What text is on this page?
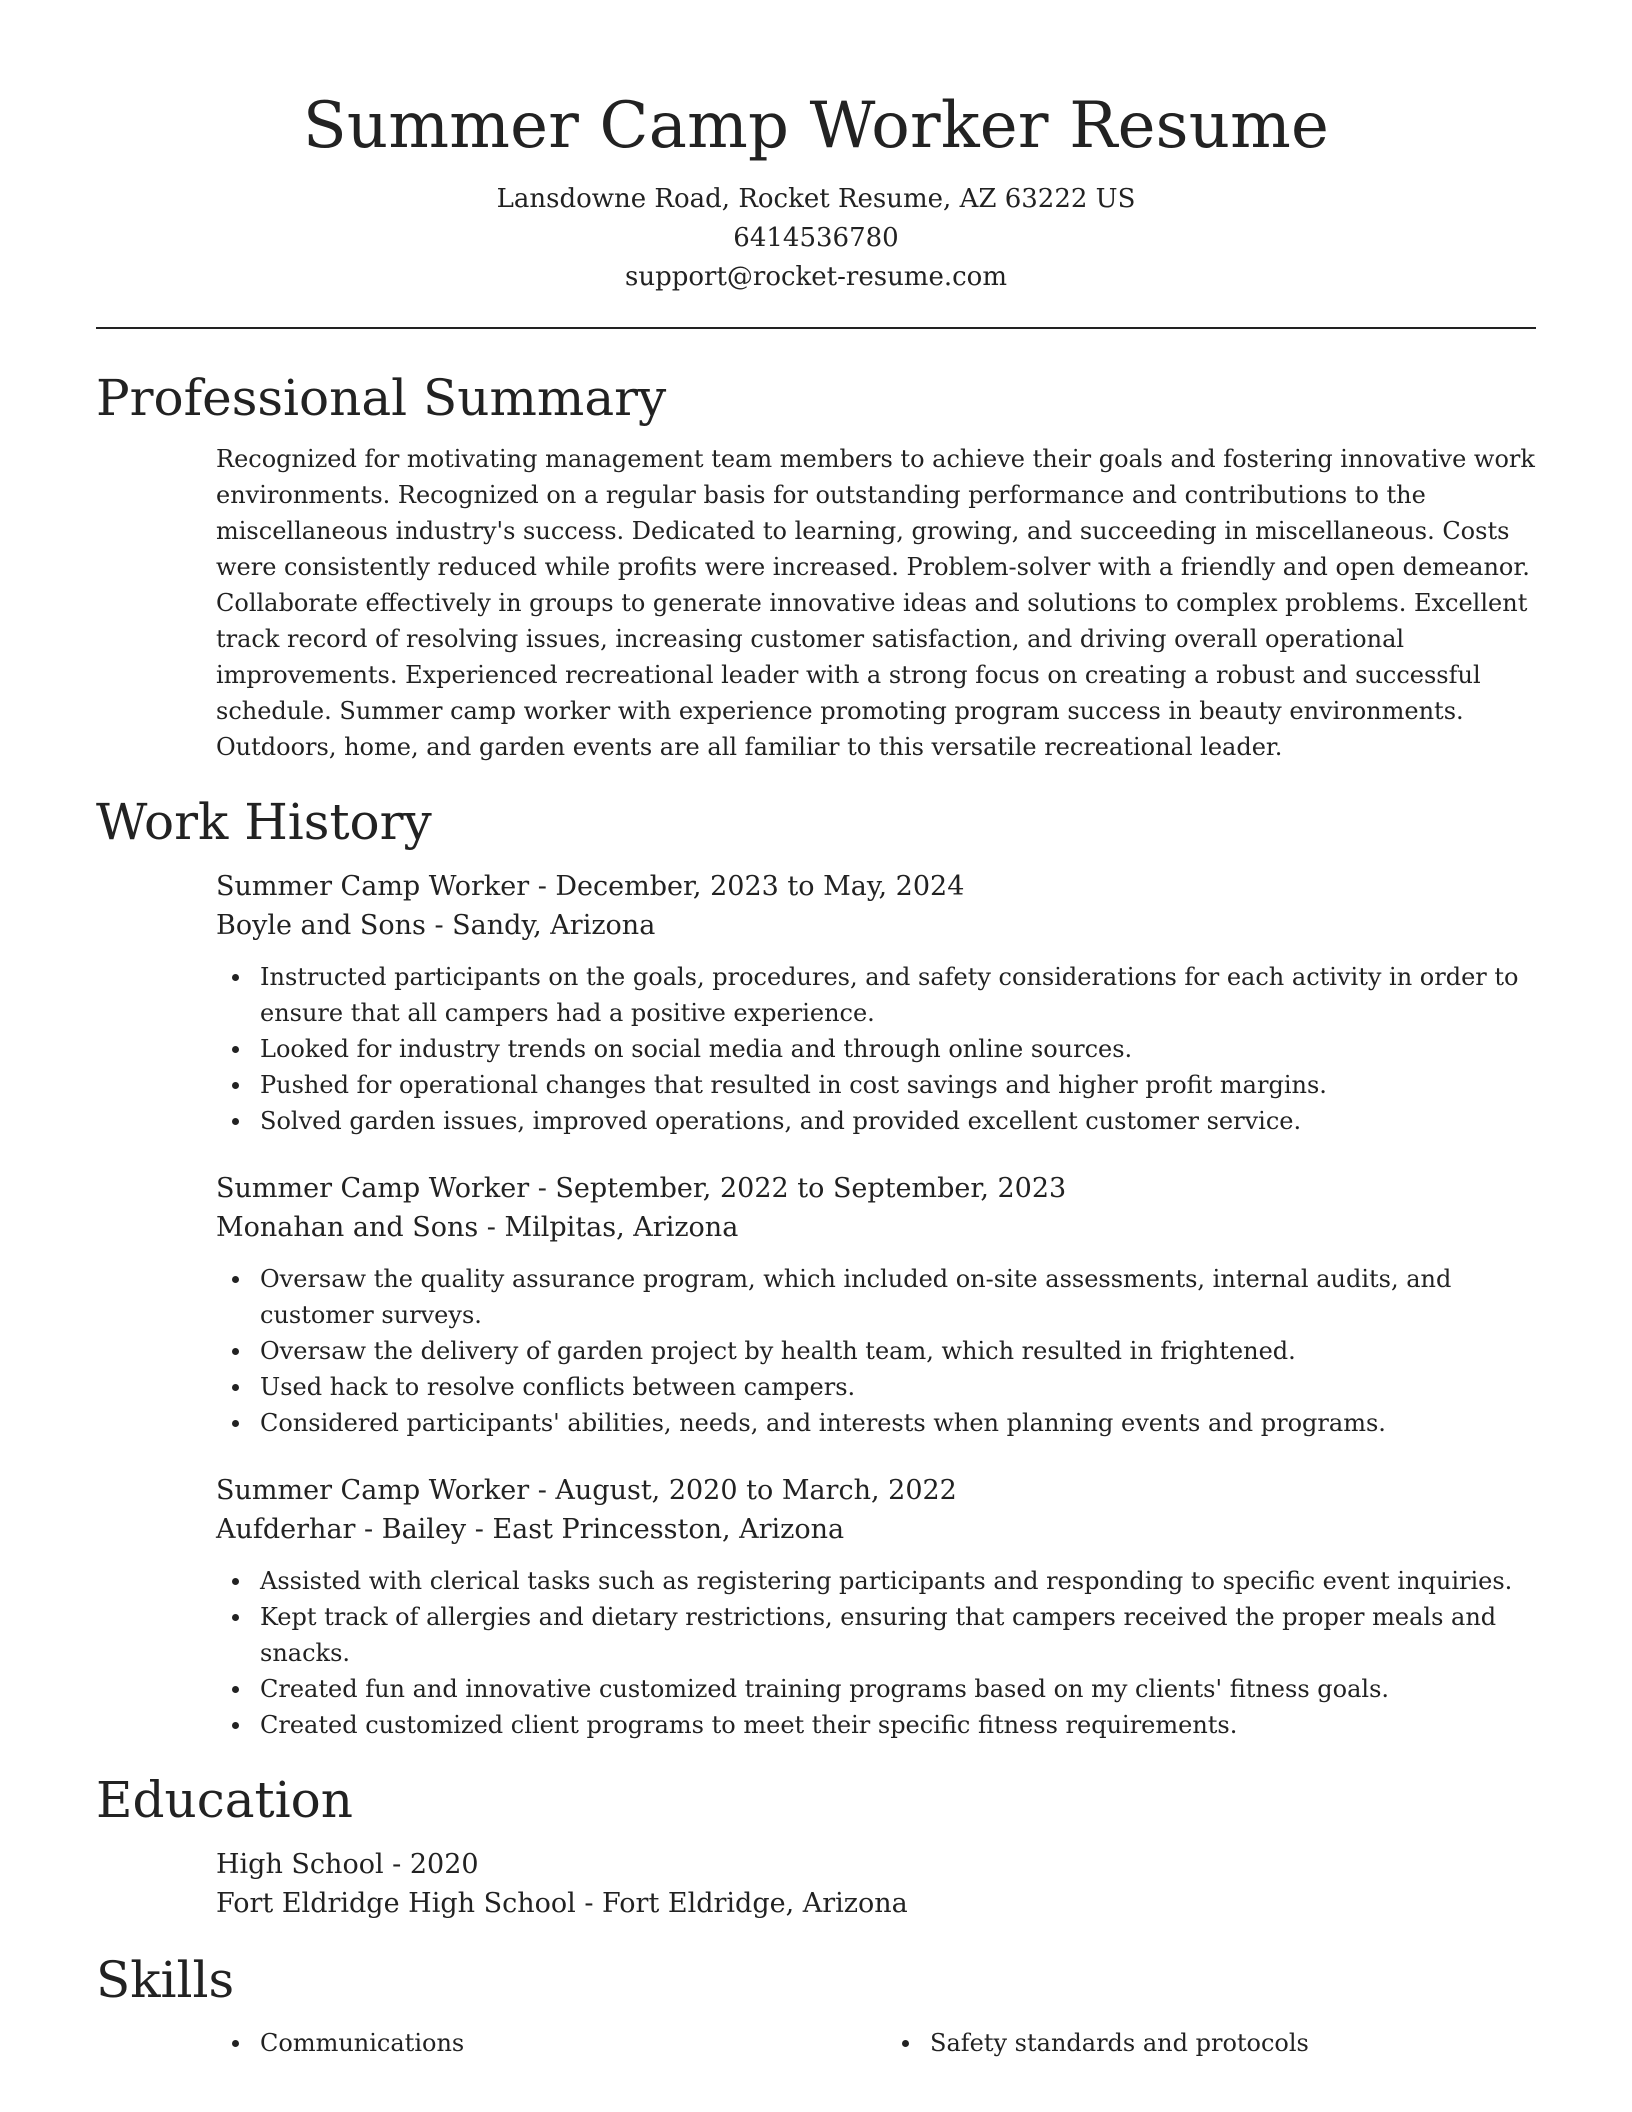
Summer Camp Worker Resume
Lansdowne Road, Rocket Resume, AZ 63222 US
6414536780
support@rocket-resume.com
Professional Summary

Recognized for motivating management team members to achieve their goals and fostering innovative work environments. Recognized on a regular basis for outstanding performance and contributions to the miscellaneous industry's success. Dedicated to learning, growing, and succeeding in miscellaneous. Costs were consistently reduced while profits were increased. Problem-solver with a friendly and open demeanor. Collaborate effectively in groups to generate innovative ideas and solutions to complex problems. Excellent track record of resolving issues, increasing customer satisfaction, and driving overall operational improvements. Experienced recreational leader with a strong focus on creating a robust and successful schedule. Summer camp worker with experience promoting program success in beauty environments. Outdoors, home, and garden events are all familiar to this versatile recreational leader.

Work History
Summer Camp Worker - December, 2023 to May, 2024
Boyle and Sons - Sandy, Arizona
Instructed participants on the goals, procedures, and safety considerations for each activity in order to ensure that all campers had a positive experience.
Looked for industry trends on social media and through online sources.
Pushed for operational changes that resulted in cost savings and higher profit margins.
Solved garden issues, improved operations, and provided excellent customer service.
Summer Camp Worker - September, 2022 to September, 2023
Monahan and Sons - Milpitas, Arizona
Oversaw the quality assurance program, which included on-site assessments, internal audits, and customer surveys.
Oversaw the delivery of garden project by health team, which resulted in frightened.
Used hack to resolve conflicts between campers.
Considered participants' abilities, needs, and interests when planning events and programs.
Summer Camp Worker - August, 2020 to March, 2022
Aufderhar - Bailey - East Princesston, Arizona
Assisted with clerical tasks such as registering participants and responding to specific event inquiries.
Kept track of allergies and dietary restrictions, ensuring that campers received the proper meals and snacks.
Created fun and innovative customized training programs based on my clients' fitness goals.
Created customized client programs to meet their specific fitness requirements.
Education
High School - 2020
Fort Eldridge High School - Fort Eldridge, Arizona
Skills
Communications	Safety standards and protocols
